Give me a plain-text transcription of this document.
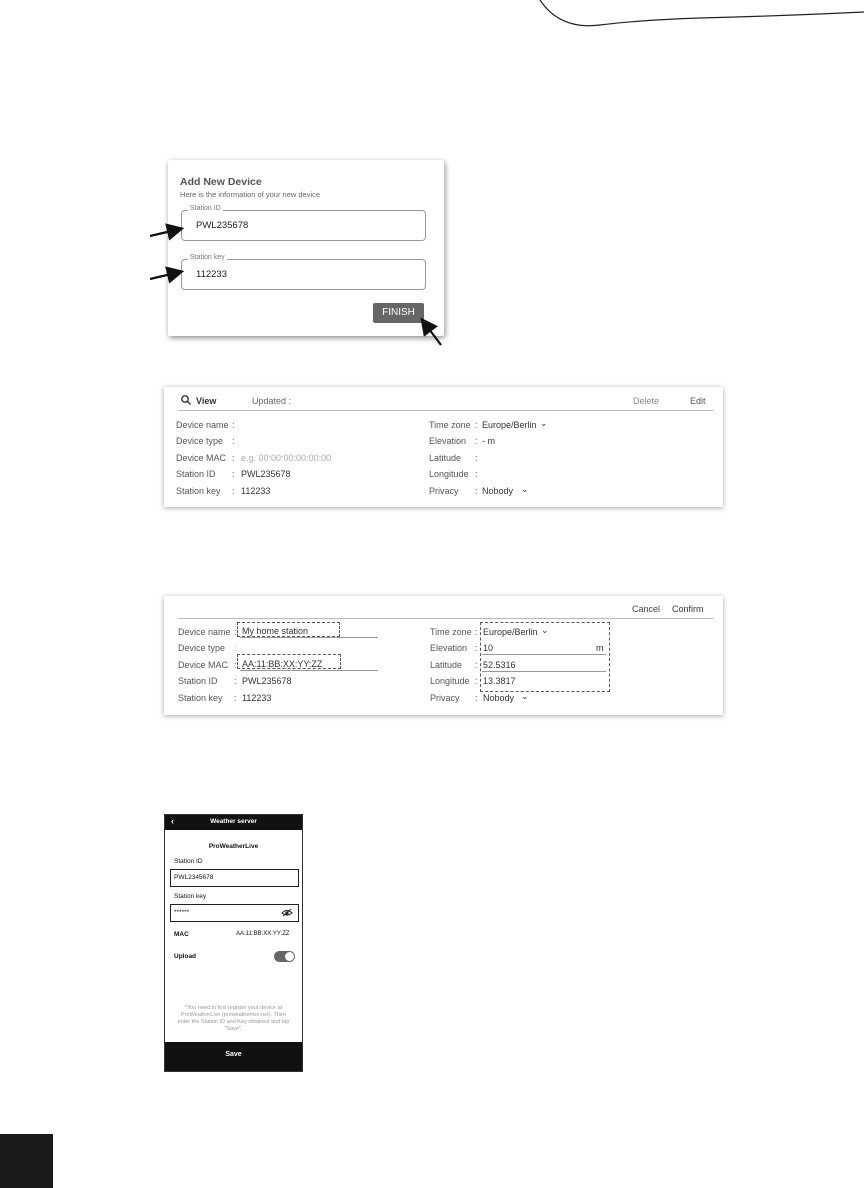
Add New Device
Here is the information of your new device
Station ID
PWL235678
Station key
112233
FINISH
View	Updated :	Delete	Edit
Device name :
Device type :
Device MAC : e.g. 00:00:00:00:00:00
Station ID : PWL235678
Station key : 112233
Time zone : Europe/Berlin ⌄
Elevation : - m
Latitude :
Longitude :
Privacy : Nobody ⌄
Cancel Confirm
Device name : My home station
Device type :
Device MAC : AA:11:BB:XX:YY:ZZ
Station ID : PWL235678
Station key : 112233
Time zone : Europe/Berlin ⌄
Elevation : 10	m
Latitude : 52.5316
Longitude : 13.3817
Privacy : Nobody ⌄
‹	Weather server
ProWeatherLive
Station ID
PWL2345678
Station key
******
MAC	AA:11:BB:XX:YY:ZZ
Upload
*You need to first register your device at ProWeatherLive (proweatherlive.net). Then enter the Station ID and Key obtained and tap "Save".
Save
